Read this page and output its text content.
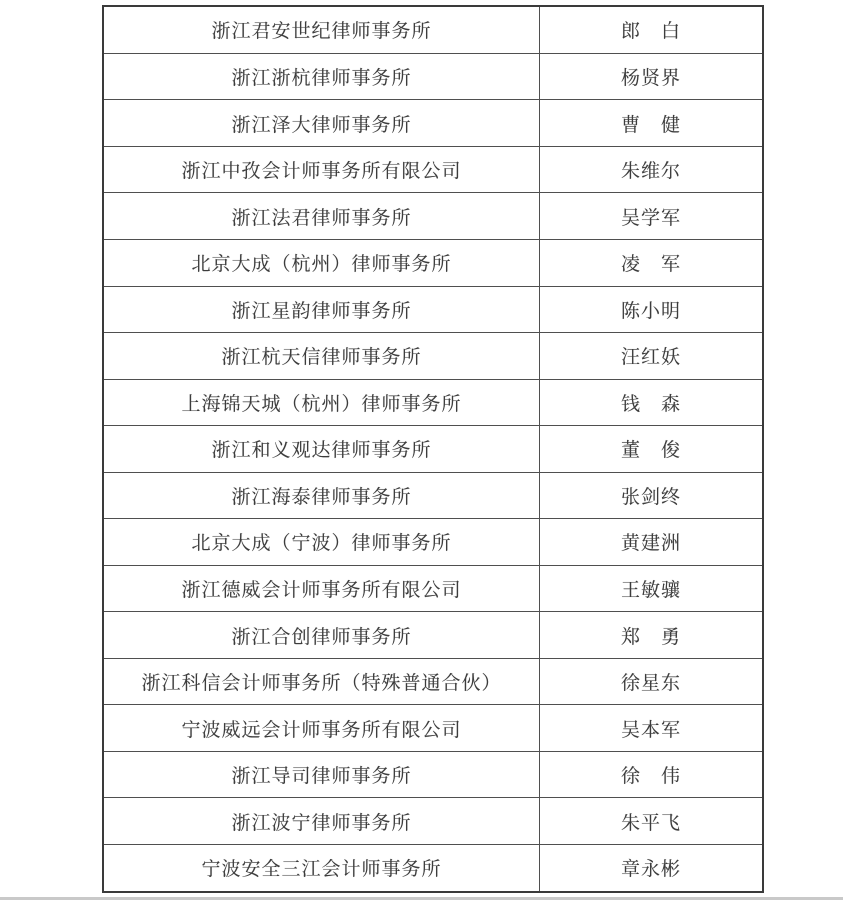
浙江君安世纪律师事务所	郎　白
浙江浙杭律师事务所	杨贤界
浙江泽大律师事务所	曹　健
浙江中孜会计师事务所有限公司	朱维尔
浙江法君律师事务所	吴学军
北京大成（杭州）律师事务所	凌　军
浙江星韵律师事务所	陈小明
浙江杭天信律师事务所	汪红妖
上海锦天城（杭州）律师事务所	钱　森
浙江和义观达律师事务所	董　俊
浙江海泰律师事务所	张剑终
北京大成（宁波）律师事务所	黄建洲
浙江德威会计师事务所有限公司	王敏骧
浙江合创律师事务所	郑　勇
浙江科信会计师事务所（特殊普通合伙）	徐星东
宁波威远会计师事务所有限公司	吴本军
浙江导司律师事务所	徐　伟
浙江波宁律师事务所	朱平飞
宁波安全三江会计师事务所	章永彬
